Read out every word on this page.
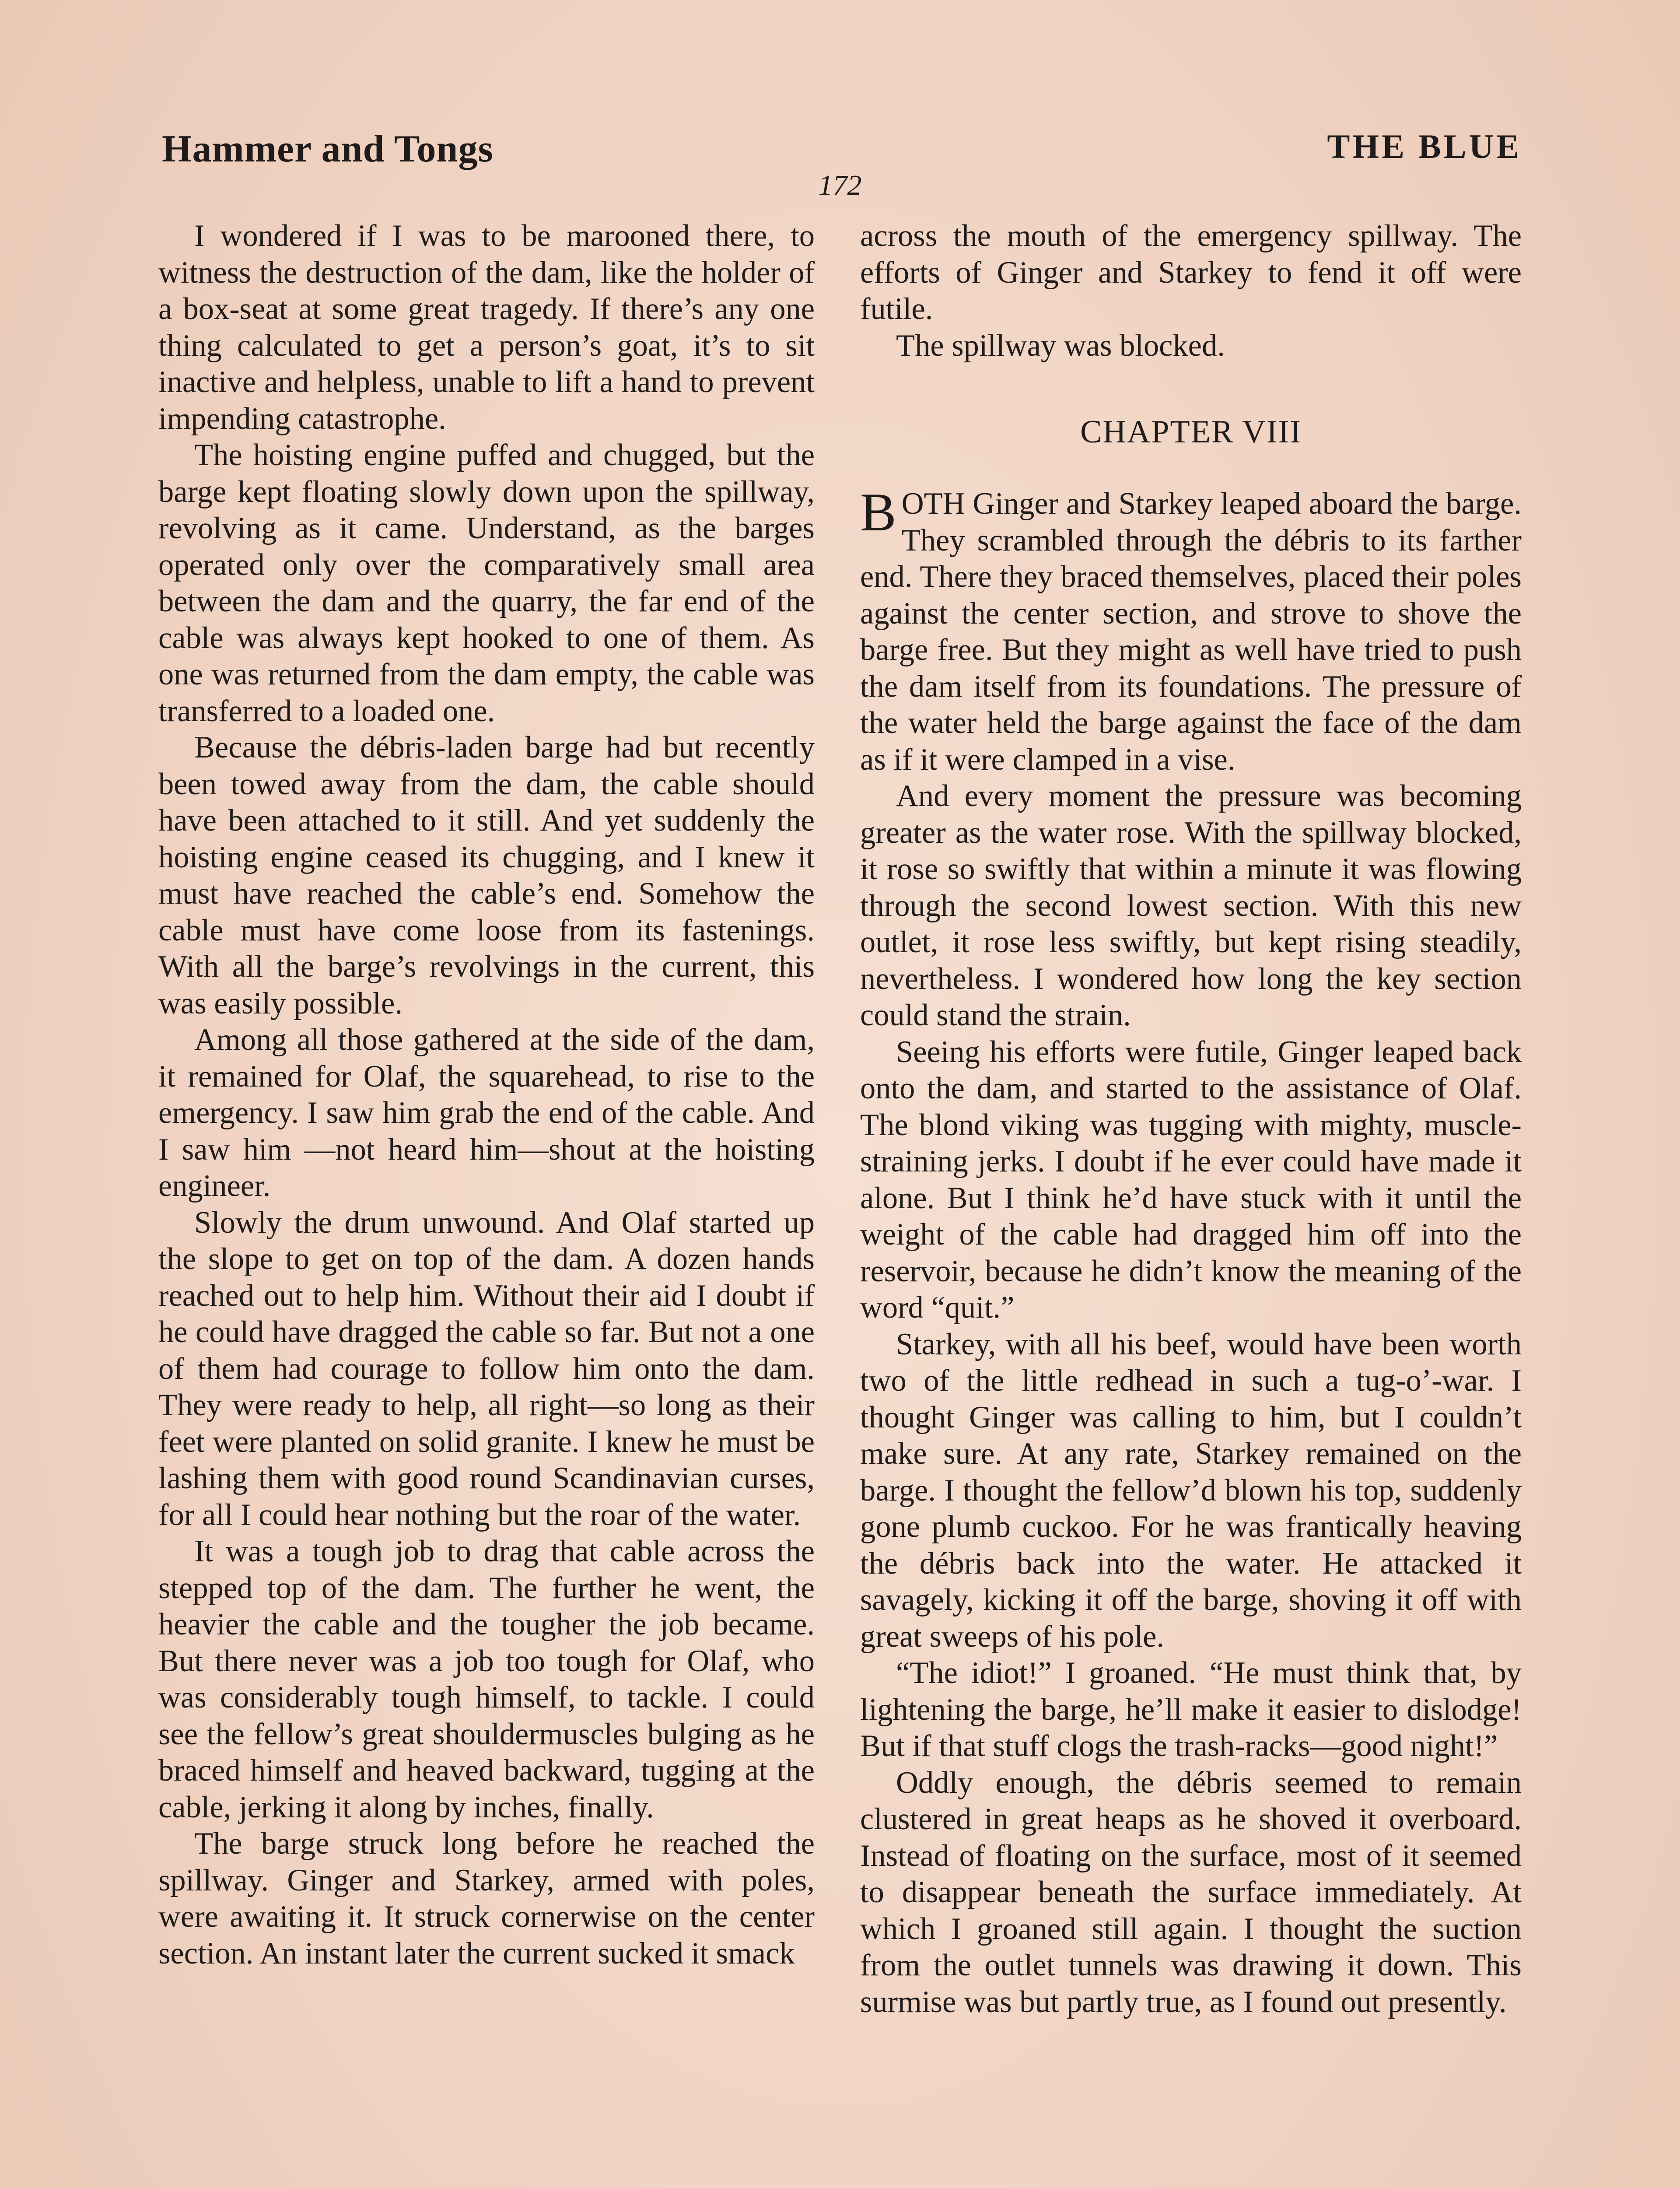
Hammer and Tongs	THE BLUE
172

I wondered if I was to be marooned there, to witness the destruction of the dam, like the holder of a box-seat at some great tragedy. If there’s any one thing calculated to get a person’s goat, it’s to sit inactive and helpless, unable to lift a hand to prevent impending catastrophe.

The hoisting engine puffed and chugged, but the barge kept floating slowly down upon the spillway, revolving as it came. Understand, as the barges operated only over the comparatively small area between the dam and the quarry, the far end of the cable was always kept hooked to one of them. As one was returned from the dam empty, the cable was transferred to a loaded one.

Because the débris-laden barge had but recently been towed away from the dam, the cable should have been attached to it still. And yet suddenly the hoisting engine ceased its chugging, and I knew it must have reached the cable’s end. Somehow the cable must have come loose from its fastenings. With all the barge’s revolvings in the current, this was easily possible.

Among all those gathered at the side of the dam, it remained for Olaf, the squarehead, to rise to the emergency. I saw him grab the end of the cable. And I saw him —not heard him—shout at the hoisting engineer.

Slowly the drum unwound. And Olaf started up the slope to get on top of the dam. A dozen hands reached out to help him. Without their aid I doubt if he could have dragged the cable so far. But not a one of them had courage to follow him onto the dam. They were ready to help, all right—so long as their feet were planted on solid granite. I knew he must be lashing them with good round Scandinavian curses, for all I could hear nothing but the roar of the water.

It was a tough job to drag that cable across the stepped top of the dam. The further he went, the heavier the cable and the tougher the job became. But there never was a job too tough for Olaf, who was considerably tough himself, to tackle. I could see the fellow’s great shouldermuscles bulging as he braced himself and heaved backward, tugging at the cable, jerking it along by inches, finally.

The barge struck long before he reached the spillway. Ginger and Starkey, armed with poles, were awaiting it. It struck cornerwise on the center section. An instant later the current sucked it smack

across the mouth of the emergency spillway. The efforts of Ginger and Starkey to fend it off were futile.

The spillway was blocked.

CHAPTER VIII

BOTH Ginger and Starkey leaped aboard the barge. They scrambled through the débris to its farther end. There they braced themselves, placed their poles against the center section, and strove to shove the barge free. But they might as well have tried to push the dam itself from its foundations. The pressure of the water held the barge against the face of the dam as if it were clamped in a vise.

And every moment the pressure was becoming greater as the water rose. With the spillway blocked, it rose so swiftly that within a minute it was flowing through the second lowest section. With this new outlet, it rose less swiftly, but kept rising steadily, nevertheless. I wondered how long the key section could stand the strain.

Seeing his efforts were futile, Ginger leaped back onto the dam, and started to the assistance of Olaf. The blond viking was tugging with mighty, muscle-straining jerks. I doubt if he ever could have made it alone. But I think he’d have stuck with it until the weight of the cable had dragged him off into the reservoir, because he didn’t know the meaning of the word “quit.”

Starkey, with all his beef, would have been worth two of the little redhead in such a tug-o’-war. I thought Ginger was calling to him, but I couldn’t make sure. At any rate, Starkey remained on the barge. I thought the fellow’d blown his top, suddenly gone plumb cuckoo. For he was frantically heaving the débris back into the water. He attacked it savagely, kicking it off the barge, shoving it off with great sweeps of his pole.

“The idiot!” I groaned. “He must think that, by lightening the barge, he’ll make it easier to dislodge! But if that stuff clogs the trash-racks—good night!”

Oddly enough, the débris seemed to remain clustered in great heaps as he shoved it overboard. Instead of floating on the surface, most of it seemed to disappear beneath the surface immediately. At which I groaned still again. I thought the suction from the outlet tunnels was drawing it down. This surmise was but partly true, as I found out presently.
